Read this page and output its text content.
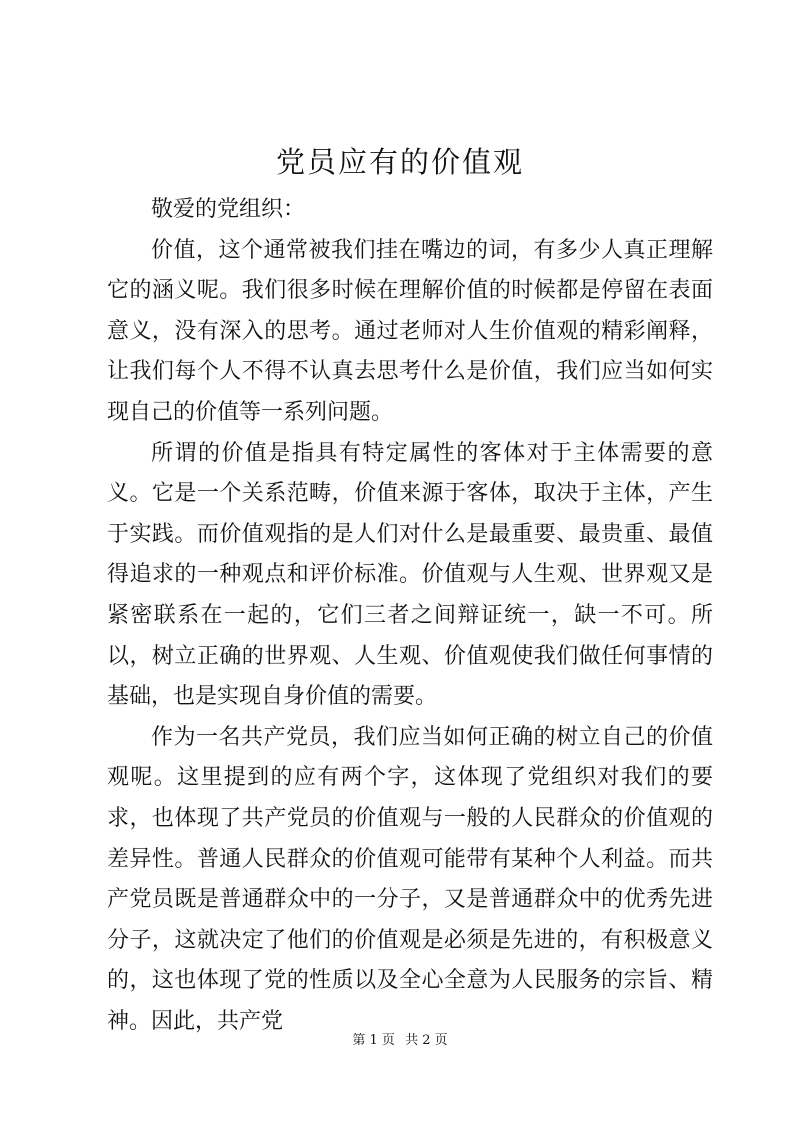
党员应有的价值观

敬爱的党组织：

价值，这个通常被我们挂在嘴边的词，有多少人真正理解它的涵义呢。我们很多时候在理解价值的时候都是停留在表面意义，没有深入的思考。通过老师对人生价值观的精彩阐释，让我们每个人不得不认真去思考什么是价值，我们应当如何实现自己的价值等一系列问题。

所谓的价值是指具有特定属性的客体对于主体需要的意义。它是一个关系范畴，价值来源于客体，取决于主体，产生于实践。而价值观指的是人们对什么是最重要、最贵重、最值得追求的一种观点和评价标准。价值观与人生观、世界观又是紧密联系在一起的，它们三者之间辩证统一，缺一不可。所以，树立正确的世界观、人生观、价值观使我们做任何事情的基础，也是实现自身价值的需要。

作为一名共产党员，我们应当如何正确的树立自己的价值观呢。这里提到的应有两个字，这体现了党组织对我们的要求，也体现了共产党员的价值观与一般的人民群众的价值观的差异性。普通人民群众的价值观可能带有某种个人利益。而共产党员既是普通群众中的一分子，又是普通群众中的优秀先进分子，这就决定了他们的价值观是必须是先进的，有积极意义的，这也体现了党的性质以及全心全意为人民服务的宗旨、精神。因此，共产党

第 1 页 共 2 页
